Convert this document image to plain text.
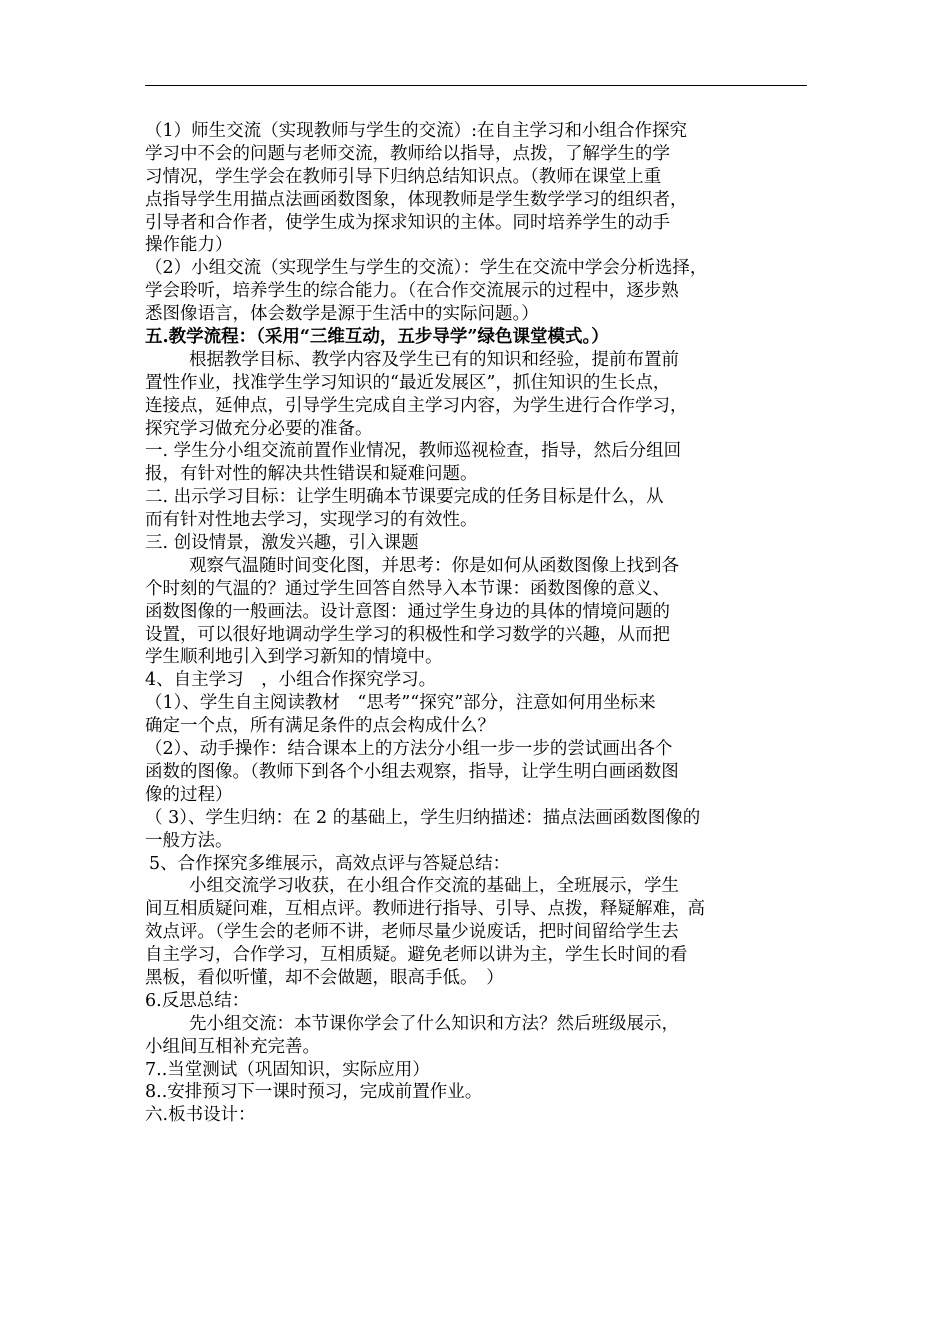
（1）师生交流（实现教师与学生的交流）:在自主学习和小组合作探究
学习中不会的问题与老师交流，教师给以指导，点拨，了解学生的学
习情况，学生学会在教师引导下归纳总结知识点。（教师在课堂上重
点指导学生用描点法画函数图象，体现教师是学生数学学习的组织者，
引导者和合作者，使学生成为探求知识的主体。同时培养学生的动手
操作能力）
（2）小组交流（实现学生与学生的交流）：学生在交流中学会分析选择，
学会聆听，培养学生的综合能力。（在合作交流展示的过程中，逐步熟
悉图像语言，体会数学是源于生活中的实际问题。）
五.教学流程：（采用“三维互动，五步导学”绿色课堂模式。）
根据教学目标、教学内容及学生已有的知识和经验，提前布置前
置性作业，找准学生学习知识的“最近发展区”，抓住知识的生长点，
连接点，延伸点，引导学生完成自主学习内容，为学生进行合作学习，
探究学习做充分必要的准备。
一. 学生分小组交流前置作业情况，教师巡视检查，指导，然后分组回
报，有针对性的解决共性错误和疑难问题。
二. 出示学习目标：让学生明确本节课要完成的任务目标是什么，从
而有针对性地去学习，实现学习的有效性。
三. 创设情景，激发兴趣，引入课题
观察气温随时间变化图，并思考：你是如何从函数图像上找到各
个时刻的气温的？通过学生回答自然导入本节课：函数图像的意义、
函数图像的一般画法。设计意图：通过学生身边的具体的情境问题的
设置，可以很好地调动学生学习的积极性和学习数学的兴趣，从而把
学生顺利地引入到学习新知的情境中。
4、自主学习　，小组合作探究学习。
（1）、学生自主阅读教材　“思考”“探究”部分，注意如何用坐标来
确定一个点，所有满足条件的点会构成什么？
（2）、动手操作：结合课本上的方法分小组一步一步的尝试画出各个
函数的图像。（教师下到各个小组去观察，指导，让学生明白画函数图
像的过程）
（ 3）、学生归纳：在 2 的基础上，学生归纳描述：描点法画函数图像的
一般方法。
5、合作探究多维展示，高效点评与答疑总结：
小组交流学习收获，在小组合作交流的基础上，全班展示，学生
间互相质疑问难，互相点评。教师进行指导、引导、点拨，释疑解难，高
效点评。（学生会的老师不讲，老师尽量少说废话，把时间留给学生去
自主学习，合作学习，互相质疑。避免老师以讲为主，学生长时间的看
黑板，看似听懂，却不会做题，眼高手低。　）
6.反思总结：
先小组交流：本节课你学会了什么知识和方法？然后班级展示，
小组间互相补充完善。
7..当堂测试（巩固知识，实际应用）
8..安排预习下一课时预习，完成前置作业。
六.板书设计：
